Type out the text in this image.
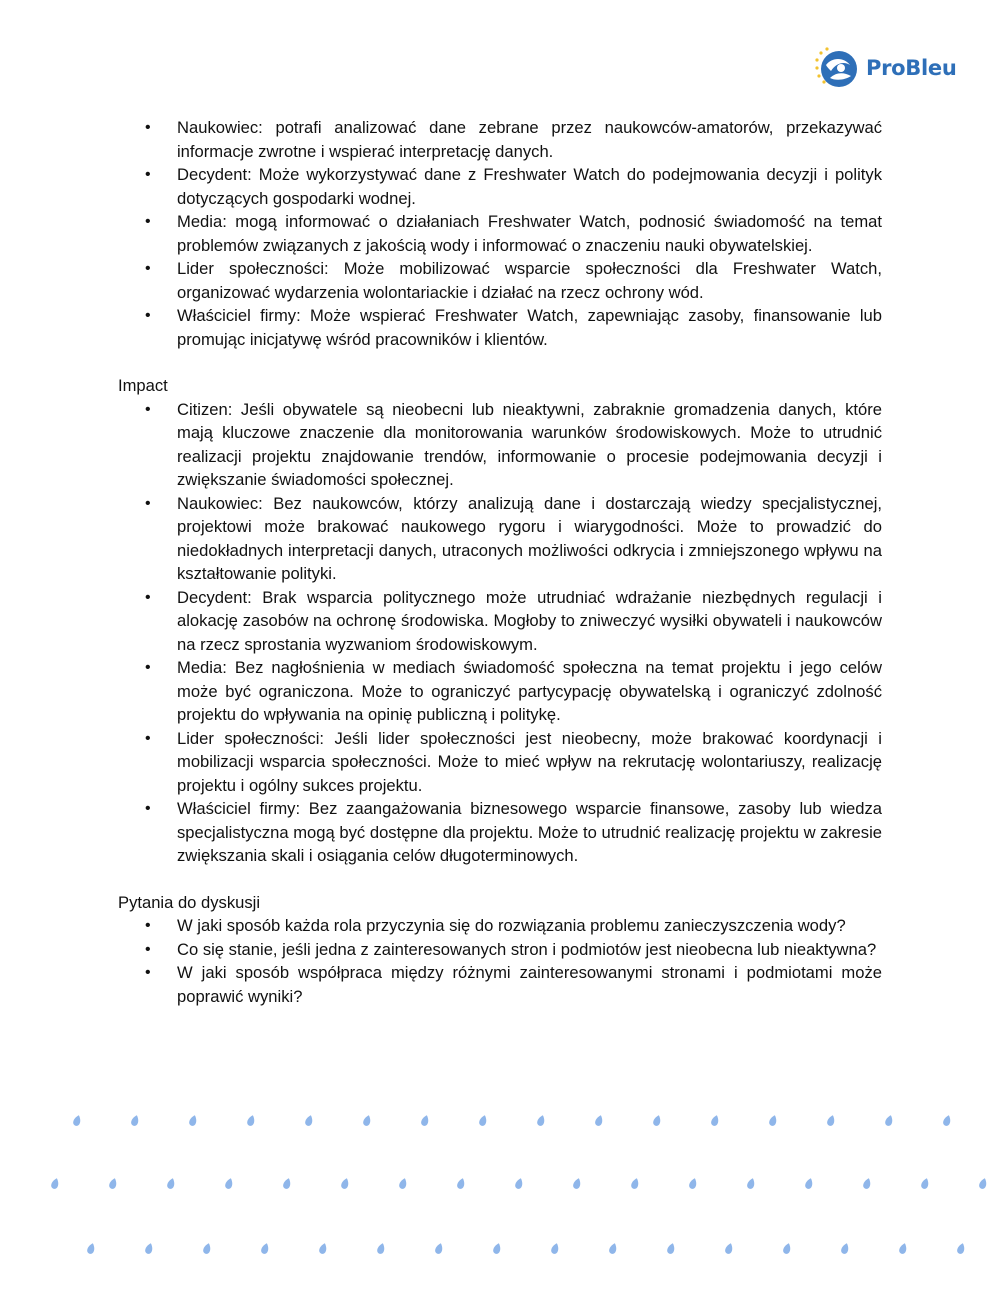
ProBleu
• Naukowiec: potrafi analizować dane zebrane przez naukowców-amatorów, przekazywać informacje zwrotne i wspierać interpretację danych.
• Decydent: Może wykorzystywać dane z Freshwater Watch do podejmowania decyzji i polityk dotyczących gospodarki wodnej.
• Media: mogą informować o działaniach Freshwater Watch, podnosić świadomość na temat problemów związanych z jakością wody i informować o znaczeniu nauki obywatelskiej.
• Lider społeczności: Może mobilizować wsparcie społeczności dla Freshwater Watch, organizować wydarzenia wolontariackie i działać na rzecz ochrony wód.
• Właściciel firmy: Może wspierać Freshwater Watch, zapewniając zasoby, finansowanie lub promując inicjatywę wśród pracowników i klientów.
Impact
• Citizen: Jeśli obywatele są nieobecni lub nieaktywni, zabraknie gromadzenia danych, które mają kluczowe znaczenie dla monitorowania warunków środowiskowych. Może to utrudnić realizacji projektu znajdowanie trendów, informowanie o procesie podejmowania decyzji i zwiększanie świadomości społecznej.
• Naukowiec: Bez naukowców, którzy analizują dane i dostarczają wiedzy specjalistycznej, projektowi może brakować naukowego rygoru i wiarygodności. Może to prowadzić do niedokładnych interpretacji danych, utraconych możliwości odkrycia i zmniejszonego wpływu na kształtowanie polityki.
• Decydent: Brak wsparcia politycznego może utrudniać wdrażanie niezbędnych regulacji i alokację zasobów na ochronę środowiska. Mogłoby to zniweczyć wysiłki obywateli i naukowców na rzecz sprostania wyzwaniom środowiskowym.
• Media: Bez nagłośnienia w mediach świadomość społeczna na temat projektu i jego celów może być ograniczona. Może to ograniczyć partycypację obywatelską i ograniczyć zdolność projektu do wpływania na opinię publiczną i politykę.
• Lider społeczności: Jeśli lider społeczności jest nieobecny, może brakować koordynacji i mobilizacji wsparcia społeczności. Może to mieć wpływ na rekrutację wolontariuszy, realizację projektu i ogólny sukces projektu.
• Właściciel firmy: Bez zaangażowania biznesowego wsparcie finansowe, zasoby lub wiedza specjalistyczna mogą być dostępne dla projektu. Może to utrudnić realizację projektu w zakresie zwiększania skali i osiągania celów długoterminowych.
Pytania do dyskusji
• W jaki sposób każda rola przyczynia się do rozwiązania problemu zanieczyszczenia wody?
• Co się stanie, jeśli jedna z zainteresowanych stron i podmiotów jest nieobecna lub nieaktywna?
• W jaki sposób współpraca między różnymi zainteresowanymi stronami i podmiotami może poprawić wyniki?
